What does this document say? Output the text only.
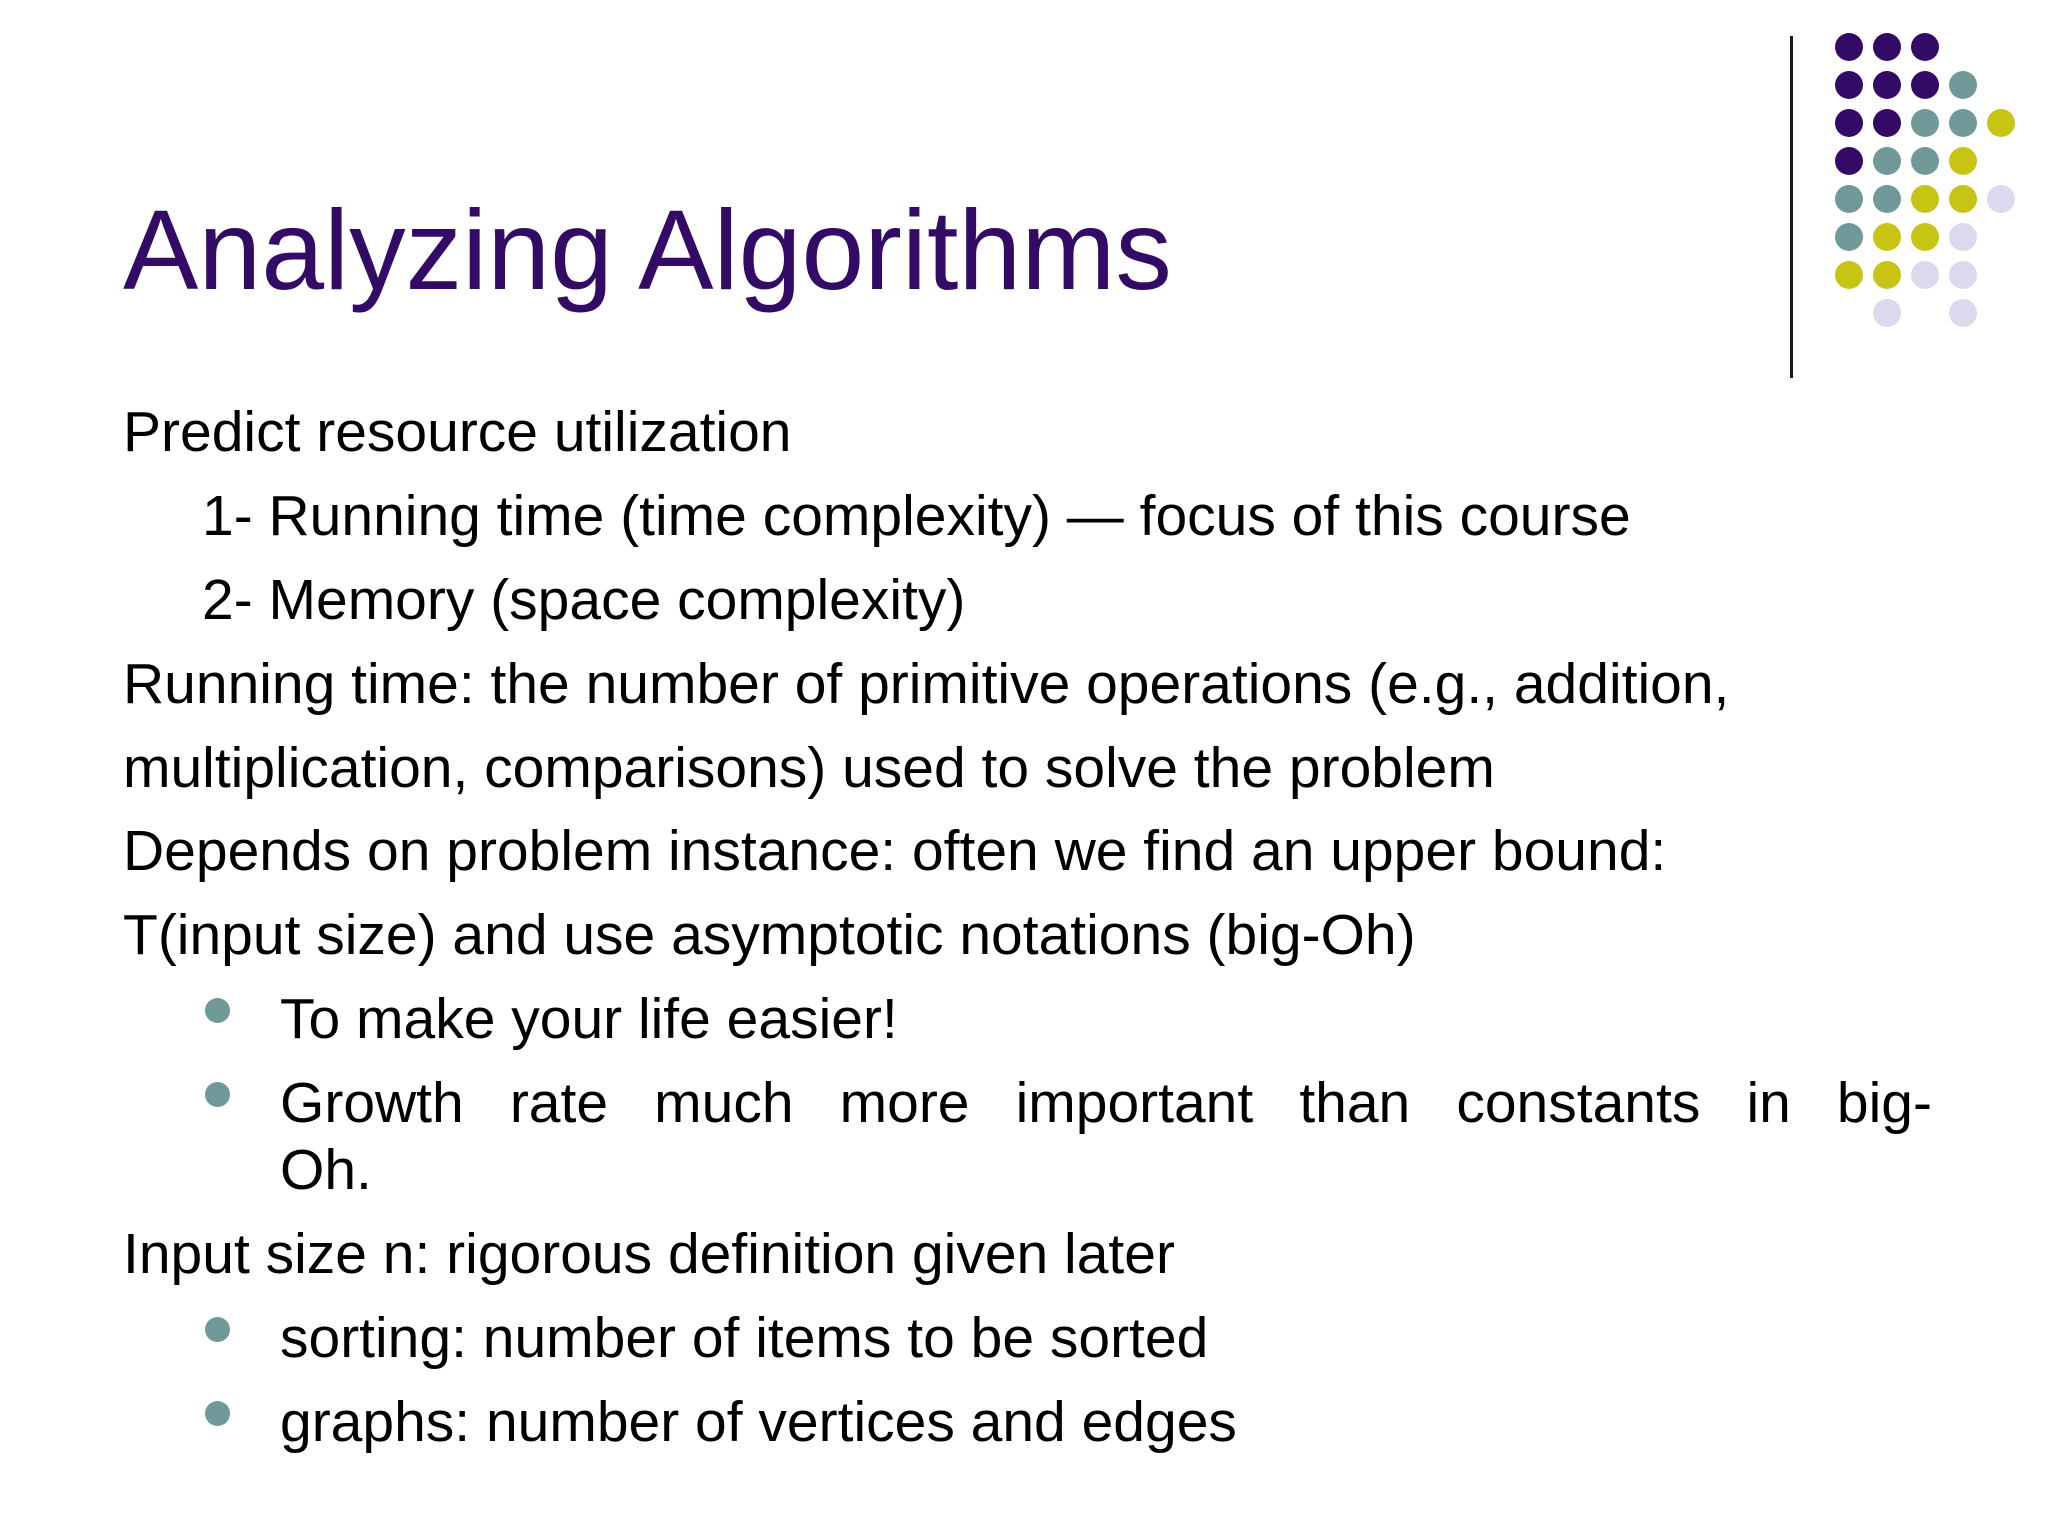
Analyzing Algorithms
Predict resource utilization
1- Running time (time complexity) — focus of this course
2- Memory (space complexity)
Running time: the number of primitive operations (e.g., addition,
multiplication, comparisons) used to solve the problem
Depends on problem instance: often we find an upper bound:
T(input size) and use asymptotic notations (big-Oh)
To make your life easier!
Growth rate much more important than constants in big-
Oh.
Input size n: rigorous definition given later
sorting: number of items to be sorted
graphs: number of vertices and edges
